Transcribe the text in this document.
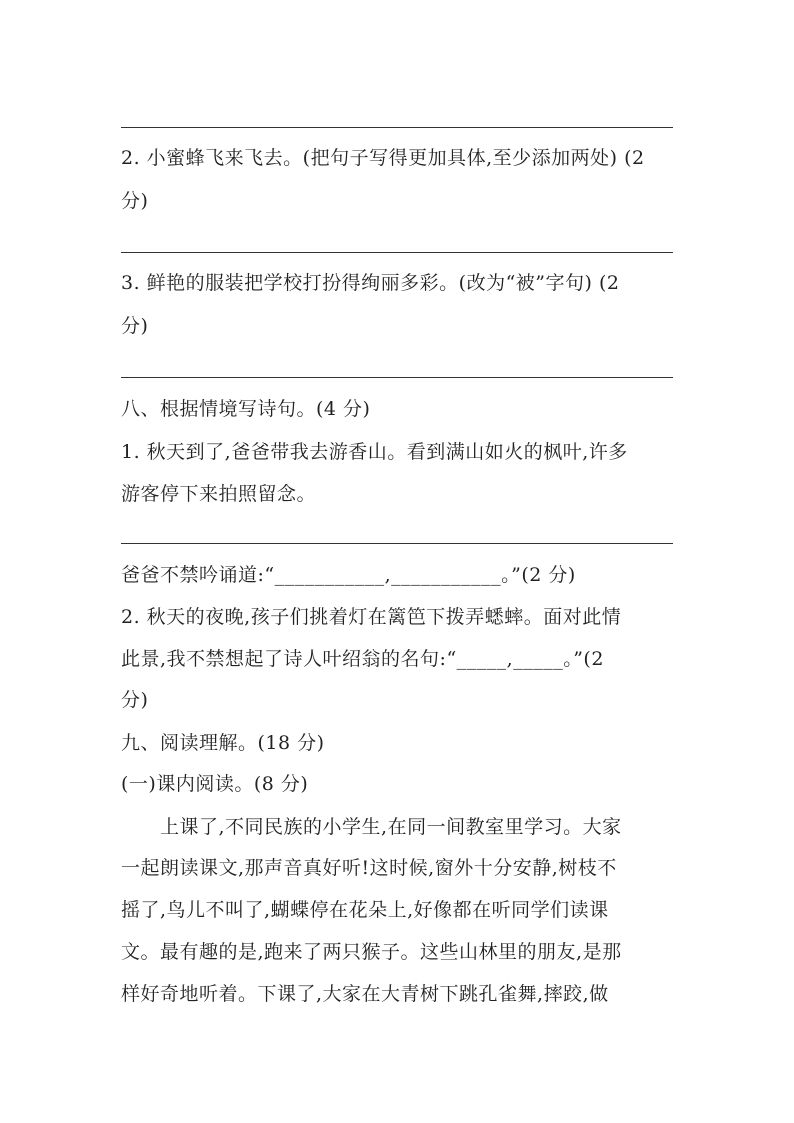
2. 小蜜蜂飞来飞去。(把句子写得更加具体,至少添加两处) (2
分)
3. 鲜艳的服装把学校打扮得绚丽多彩。(改为“被”字句) (2
分)
八、根据情境写诗句。(4 分)
1. 秋天到了,爸爸带我去游香山。看到满山如火的枫叶,许多
游客停下来拍照留念。
爸爸不禁吟诵道:“___________,___________。”(2 分)
2. 秋天的夜晚,孩子们挑着灯在篱笆下拨弄蟋蟀。面对此情
此景,我不禁想起了诗人叶绍翁的名句:“_____,_____。”(2
分)
九、阅读理解。(18 分)
(一)课内阅读。(8 分)
上课了,不同民族的小学生,在同一间教室里学习。大家
一起朗读课文,那声音真好听!这时候,窗外十分安静,树枝不
摇了,鸟儿不叫了,蝴蝶停在花朵上,好像都在听同学们读课
文。最有趣的是,跑来了两只猴子。这些山林里的朋友,是那
样好奇地听着。下课了,大家在大青树下跳孔雀舞,摔跤,做
